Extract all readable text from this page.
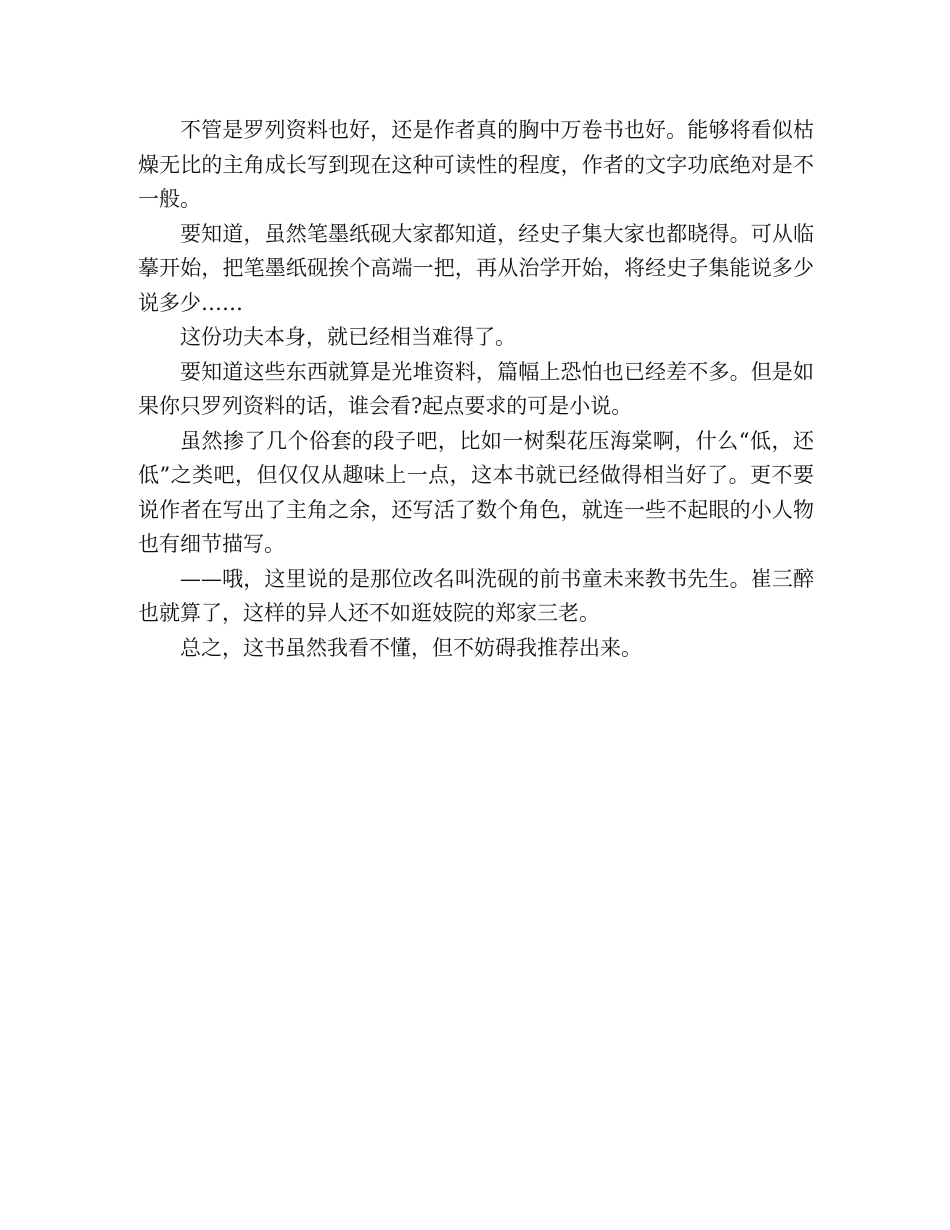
不管是罗列资料也好，还是作者真的胸中万卷书也好。能够将看似枯燥无比的主角成长写到现在这种可读性的程度，作者的文字功底绝对是不一般。

要知道，虽然笔墨纸砚大家都知道，经史子集大家也都晓得。可从临摹开始，把笔墨纸砚挨个高端一把，再从治学开始，将经史子集能说多少说多少……

这份功夫本身，就已经相当难得了。

要知道这些东西就算是光堆资料，篇幅上恐怕也已经差不多。但是如果你只罗列资料的话，谁会看?起点要求的可是小说。

虽然掺了几个俗套的段子吧，比如一树梨花压海棠啊，什么“低，还低”之类吧，但仅仅从趣味上一点，这本书就已经做得相当好了。更不要说作者在写出了主角之余，还写活了数个角色，就连一些不起眼的小人物也有细节描写。

——哦，这里说的是那位改名叫洗砚的前书童未来教书先生。崔三醉也就算了，这样的异人还不如逛妓院的郑家三老。

总之，这书虽然我看不懂，但不妨碍我推荐出来。
